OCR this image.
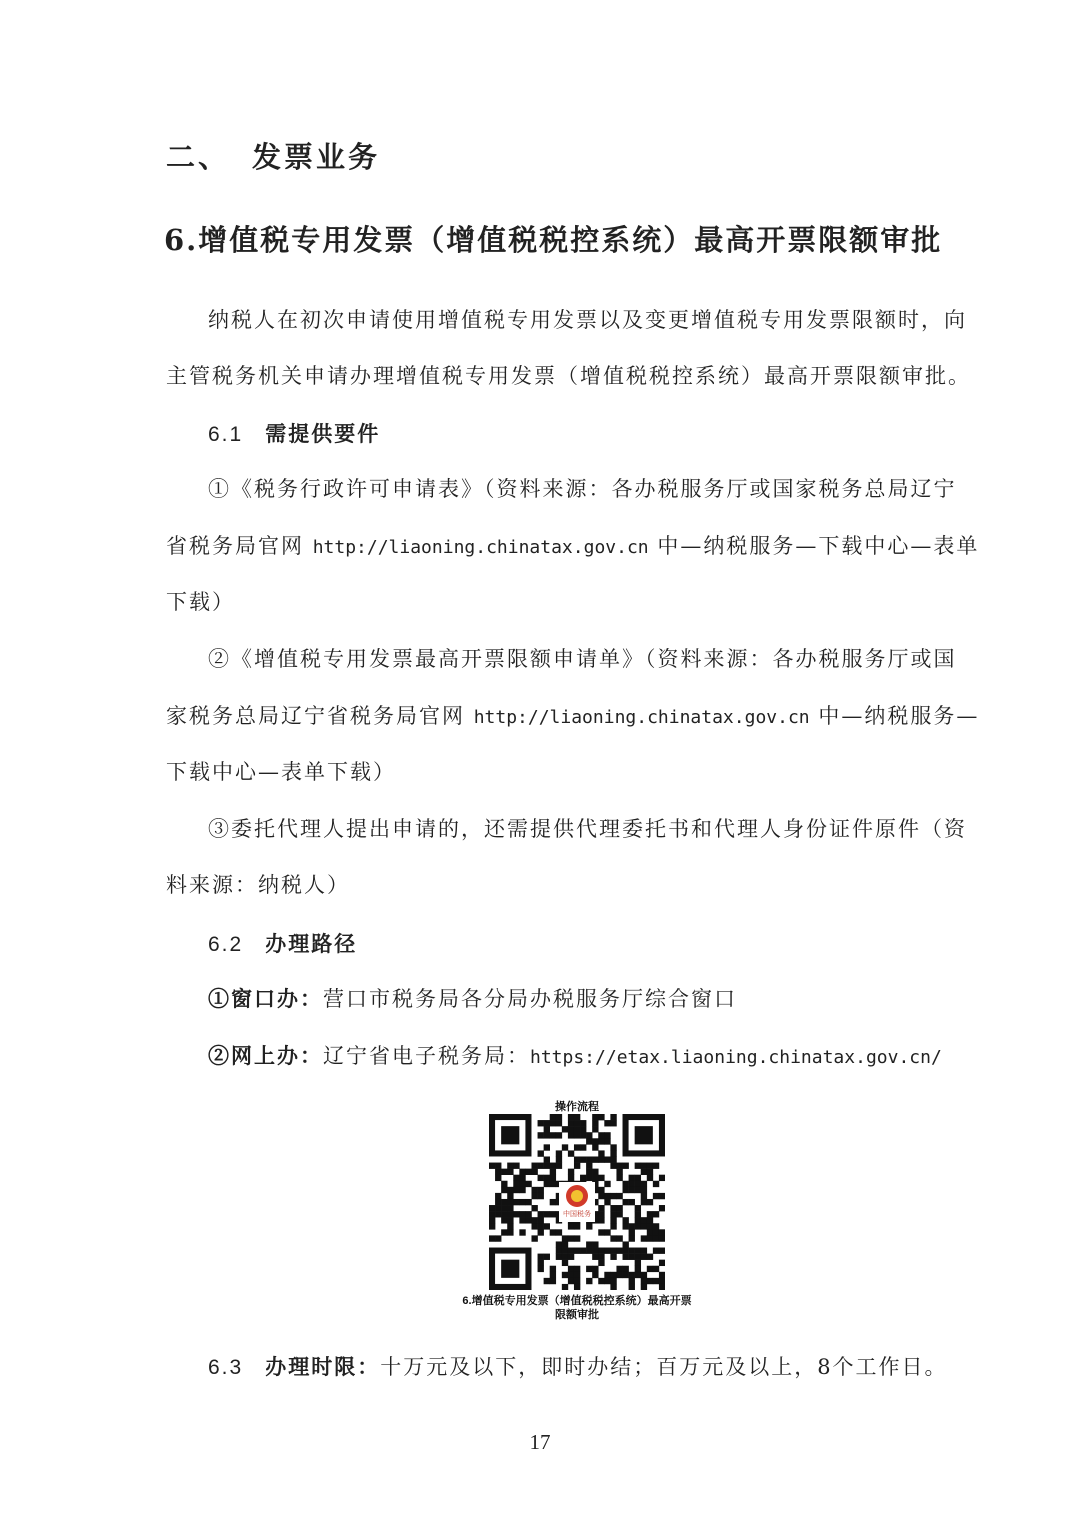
二、 发票业务
6.增值税专用发票（增值税税控系统）最高开票限额审批
纳税人在初次申请使用增值税专用发票以及变更增值税专用发票限额时，向
主管税务机关申请办理增值税专用发票（增值税税控系统）最高开票限额审批。
6.1 需提供要件
①《税务行政许可申请表》（资料来源：各办税服务厅或国家税务总局辽宁
省税务局官网 http://liaoning.chinatax.gov.cn 中—纳税服务—下载中心—表单
下载）
②《增值税专用发票最高开票限额申请单》（资料来源：各办税服务厅或国
家税务总局辽宁省税务局官网 http://liaoning.chinatax.gov.cn 中—纳税服务—
下载中心—表单下载）
③委托代理人提出申请的，还需提供代理委托书和代理人身份证件原件（资
料来源：纳税人）
6.2 办理路径
①窗口办：营口市税务局各分局办税服务厅综合窗口
②网上办：辽宁省电子税务局：https://etax.liaoning.chinatax.gov.cn/
操作流程
中国税务
6.增值税专用发票（增值税税控系统）最高开票限额审批
6.3 办理时限：十万元及以下，即时办结；百万元及以上，8个工作日。
17
